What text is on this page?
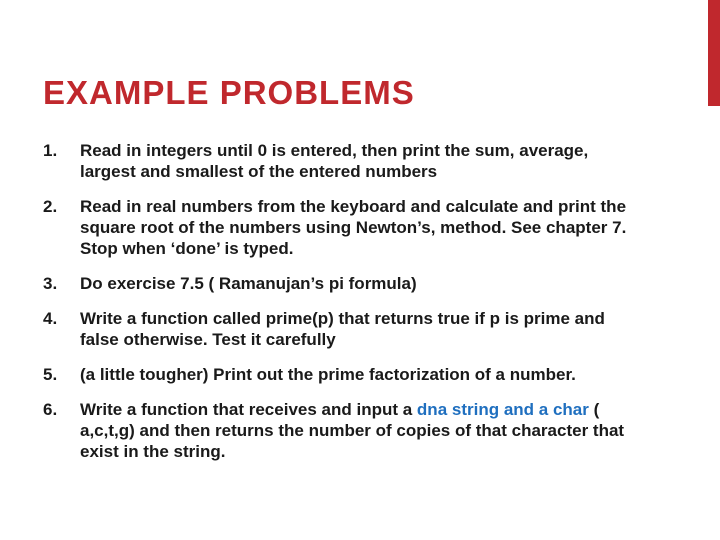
EXAMPLE PROBLEMS
1.	Read in integers until 0 is entered, then print the sum, average, largest and smallest of the entered numbers
2.	Read in real numbers from the keyboard and calculate and print the square root of the numbers using Newton’s, method. See chapter 7. Stop when ‘done’ is typed.
3.	Do exercise 7.5 ( Ramanujan’s pi formula)
4.	Write a function called prime(p) that returns true if p is prime and false otherwise. Test it carefully
5.	(a little tougher) Print out the prime factorization of a number.
6.	Write a function that receives and input a dna string and a char ( a,c,t,g) and then returns the number of copies of that character that exist in the string.
